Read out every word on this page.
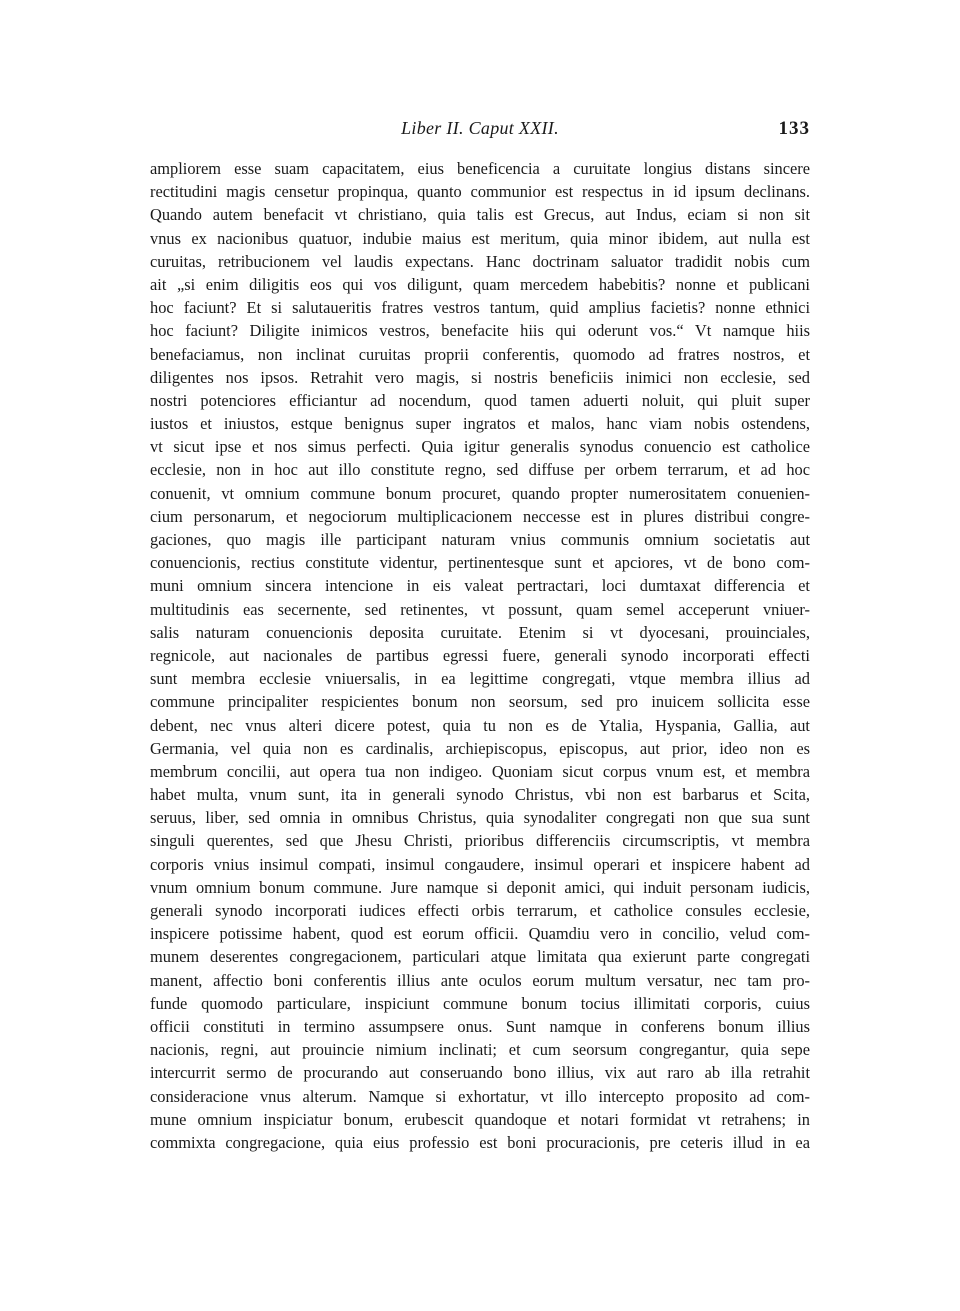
Liber II. Caput XXII.	133
ampliorem esse suam capacitatem, eius beneficencia a curuitate longius distans sincere
rectitudini magis censetur propinqua, quanto communior est respectus in id ipsum declinans.
Quando autem benefacit vt christiano, quia talis est Grecus, aut Indus, eciam si non sit
vnus ex nacionibus quatuor, indubie maius est meritum, quia minor ibidem, aut nulla est
curuitas, retribucionem vel laudis expectans. Hanc doctrinam saluator tradidit nobis cum
ait „si enim diligitis eos qui vos diligunt, quam mercedem habebitis? nonne et publicani
hoc faciunt? Et si salutaueritis fratres vestros tantum, quid amplius facietis? nonne ethnici
hoc faciunt? Diligite inimicos vestros, benefacite hiis qui oderunt vos.“ Vt namque hiis
benefaciamus, non inclinat curuitas proprii conferentis, quomodo ad fratres nostros, et
diligentes nos ipsos. Retrahit vero magis, si nostris beneficiis inimici non ecclesie, sed
nostri potenciores efficiantur ad nocendum, quod tamen aduerti noluit, qui pluit super
iustos et iniustos, estque benignus super ingratos et malos, hanc viam nobis ostendens,
vt sicut ipse et nos simus perfecti. Quia igitur generalis synodus conuencio est catholice
ecclesie, non in hoc aut illo constitute regno, sed diffuse per orbem terrarum, et ad hoc
conuenit, vt omnium commune bonum procuret, quando propter numerositatem conuenien-
cium personarum, et negociorum multiplicacionem neccesse est in plures distribui congre-
gaciones, quo magis ille participant naturam vnius communis omnium societatis aut
conuencionis, rectius constitute videntur, pertinentesque sunt et apciores, vt de bono com-
muni omnium sincera intencione in eis valeat pertractari, loci dumtaxat differencia et
multitudinis eas secernente, sed retinentes, vt possunt, quam semel acceperunt vniuer-
salis naturam conuencionis deposita curuitate. Etenim si vt dyocesani, prouinciales,
regnicole, aut nacionales de partibus egressi fuere, generali synodo incorporati effecti
sunt membra ecclesie vniuersalis, in ea legittime congregati, vtque membra illius ad
commune principaliter respicientes bonum non seorsum, sed pro inuicem sollicita esse
debent, nec vnus alteri dicere potest, quia tu non es de Ytalia, Hyspania, Gallia, aut
Germania, vel quia non es cardinalis, archiepiscopus, episcopus, aut prior, ideo non es
membrum concilii, aut opera tua non indigeo. Quoniam sicut corpus vnum est, et membra
habet multa, vnum sunt, ita in generali synodo Christus, vbi non est barbarus et Scita,
seruus, liber, sed omnia in omnibus Christus, quia synodaliter congregati non que sua sunt
singuli querentes, sed que Jhesu Christi, prioribus differenciis circumscriptis, vt membra
corporis vnius insimul compati, insimul congaudere, insimul operari et inspicere habent ad
vnum omnium bonum commune. Jure namque si deponit amici, qui induit personam iudicis,
generali synodo incorporati iudices effecti orbis terrarum, et catholice consules ecclesie,
inspicere potissime habent, quod est eorum officii. Quamdiu vero in concilio, velud com-
munem deserentes congregacionem, particulari atque limitata qua exierunt parte congregati
manent, affectio boni conferentis illius ante oculos eorum multum versatur, nec tam pro-
funde quomodo particulare, inspiciunt commune bonum tocius illimitati corporis, cuius
officii constituti in termino assumpsere onus. Sunt namque in conferens bonum illius
nacionis, regni, aut prouincie nimium inclinati; et cum seorsum congregantur, quia sepe
intercurrit sermo de procurando aut conseruando bono illius, vix aut raro ab illa retrahit
consideracione vnus alterum. Namque si exhortatur, vt illo intercepto proposito ad com-
mune omnium inspiciatur bonum, erubescit quandoque et notari formidat vt retrahens; in
commixta congregacione, quia eius professio est boni procuracionis, pre ceteris illud in ea
